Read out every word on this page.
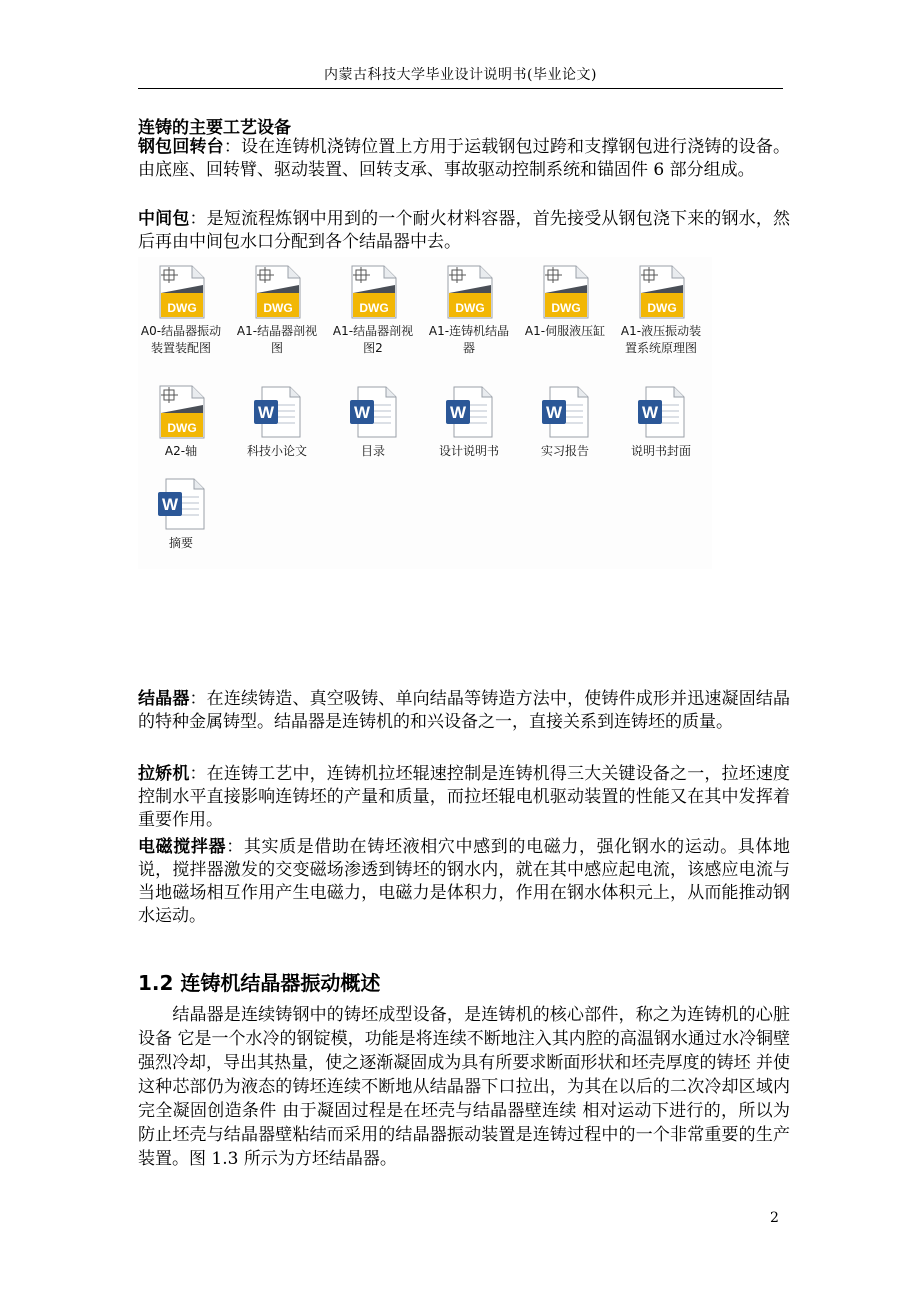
内蒙古科技大学毕业设计说明书(毕业论文)
连铸的主要工艺设备
钢包回转台：设在连铸机浇铸位置上方用于运载钢包过跨和支撑钢包进行浇铸的设备。由底座、回转臂、驱动装置、回转支承、事故驱动控制系统和锚固件 6 部分组成。
中间包：是短流程炼钢中用到的一个耐火材料容器，首先接受从钢包浇下来的钢水，然后再由中间包水口分配到各个结晶器中去。
DWG
A0-结晶器振动装置装配图
DWG
A1-结晶器剖视图
DWG
A1-结晶器剖视图2
DWG
A1-连铸机结晶器
DWG
A1-伺服液压缸
DWG
A1-液压振动装置系统原理图
DWG
A2-轴
W
科技小论文
W
目录
W
设计说明书
W
实习报告
W
说明书封面
W
摘要
结晶器：在连续铸造、真空吸铸、单向结晶等铸造方法中，使铸件成形并迅速凝固结晶的特种金属铸型。结晶器是连铸机的和兴设备之一，直接关系到连铸坯的质量。
拉矫机：在连铸工艺中，连铸机拉坯辊速控制是连铸机得三大关键设备之一，拉坯速度控制水平直接影响连铸坯的产量和质量，而拉坯辊电机驱动装置的性能又在其中发挥着重要作用。
电磁搅拌器：其实质是借助在铸坯液相穴中感到的电磁力，强化钢水的运动。具体地说，搅拌器激发的交变磁场渗透到铸坯的钢水内，就在其中感应起电流，该感应电流与当地磁场相互作用产生电磁力，电磁力是体积力，作用在钢水体积元上，从而能推动钢水运动。
1.2 连铸机结晶器振动概述
　　结晶器是连续铸钢中的铸坯成型设备，是连铸机的核心部件，称之为连铸机的心脏设备 它是一个水冷的钢锭模，功能是将连续不断地注入其内腔的高温钢水通过水冷铜壁强烈冷却，导出其热量，使之逐渐凝固成为具有所要求断面形状和坯壳厚度的铸坯 并使这种芯部仍为液态的铸坯连续不断地从结晶器下口拉出，为其在以后的二次冷却区域内完全凝固创造条件 由于凝固过程是在坯壳与结晶器壁连续 相对运动下进行的，所以为防止坯壳与结晶器壁粘结而采用的结晶器振动装置是连铸过程中的一个非常重要的生产装置。图 1.3 所示为方坯结晶器。
2
